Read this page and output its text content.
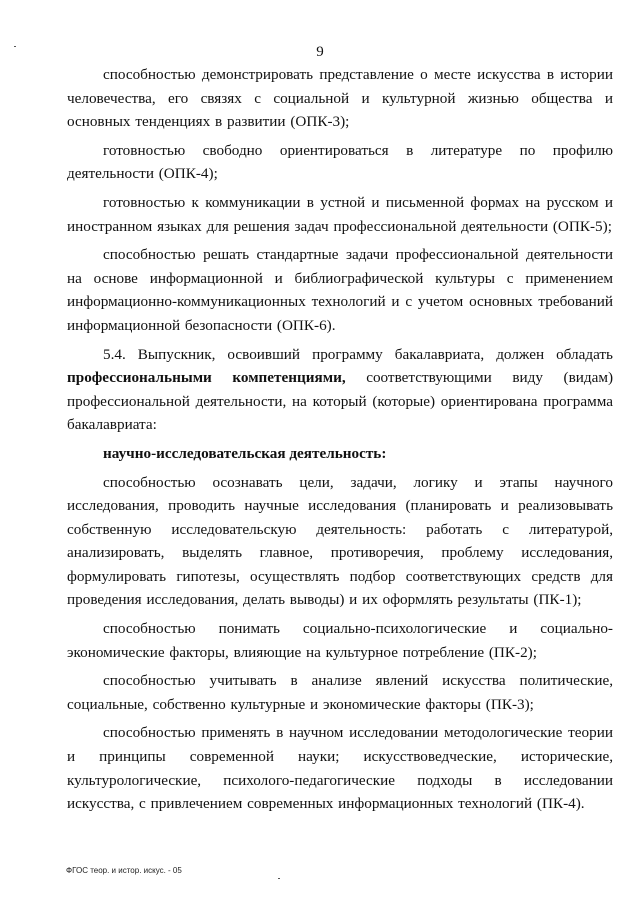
9

способностью демонстрировать представление о месте искусства в истории человечества, его связях с социальной и культурной жизнью общества и основных тенденциях в развитии (ОПК-3);

готовностью свободно ориентироваться в литературе по профилю деятельности (ОПК-4);

готовностью к коммуникации в устной и письменной формах на русском и иностранном языках для решения задач профессиональной деятельности (ОПК-5);

способностью решать стандартные задачи профессиональной деятельности на основе информационной и библиографической культуры с применением информационно-коммуникационных технологий и с учетом основных требований информационной безопасности (ОПК-6).

5.4. Выпускник, освоивший программу бакалавриата, должен обладать профессиональными компетенциями, соответствующими виду (видам) профессиональной деятельности, на который (которые) ориентирована программа бакалавриата:

научно-исследовательская деятельность:

способностью осознавать цели, задачи, логику и этапы научного исследования, проводить научные исследования (планировать и реализовывать собственную исследовательскую деятельность: работать с литературой, анализировать, выделять главное, противоречия, проблему исследования, формулировать гипотезы, осуществлять подбор соответствующих средств для проведения исследования, делать выводы) и их оформлять результаты (ПК-1);

способностью понимать социально-психологические и социально-экономические факторы, влияющие на культурное потребление (ПК-2);

способностью учитывать в анализе явлений искусства политические, социальные, собственно культурные и экономические факторы (ПК-3);

способностью применять в научном исследовании методологические теории и принципы современной науки; искусствоведческие, исторические, культурологические, психолого-педагогические подходы в исследовании искусства, с привлечением современных информационных технологий (ПК-4).

ФГОС теор. и истор. искус. - 05
